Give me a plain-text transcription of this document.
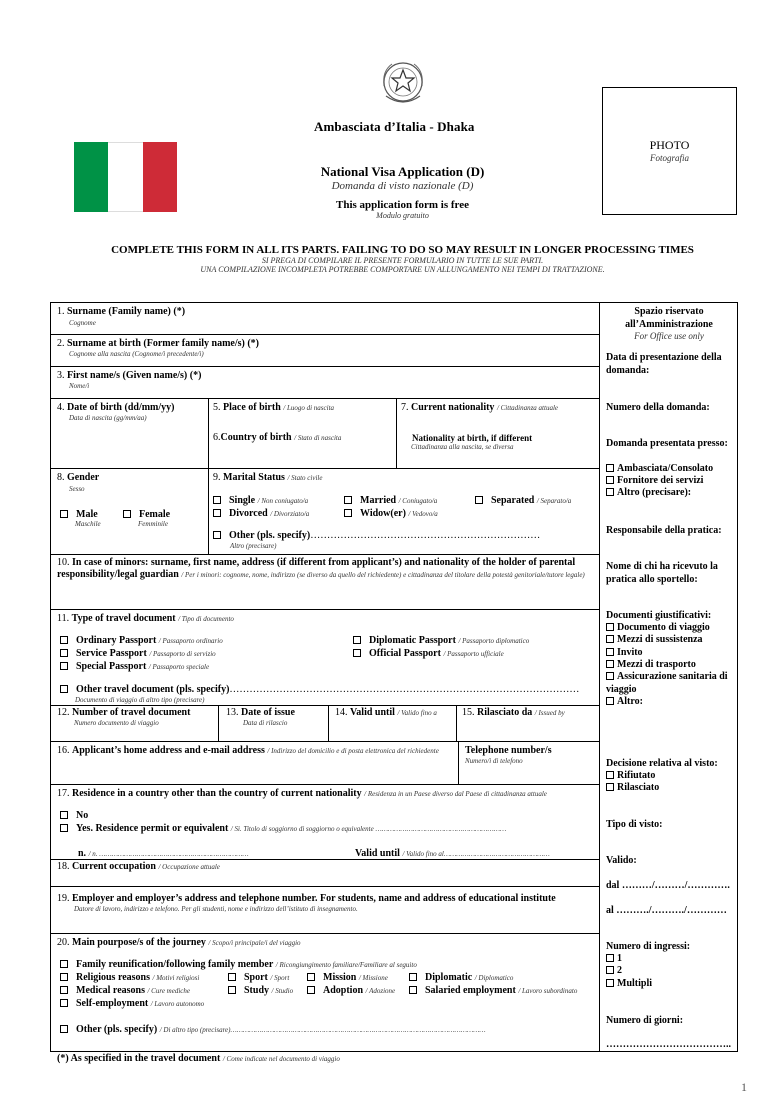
Ambasciata d’Italia - Dhaka
PHOTO
Fotografia
National Visa Application (D)
Domanda di visto nazionale (D)
This application form is free
Modulo gratuito
COMPLETE THIS FORM IN ALL ITS PARTS. FAILING TO DO SO MAY RESULT IN LONGER PROCESSING TIMES
SI PREGA DI COMPILARE IL PRESENTE FORMULARIO IN TUTTE LE SUE PARTI.
UNA COMPILAZIONE INCOMPLETA POTREBBE COMPORTARE UN ALLUNGAMENTO NEI TEMPI DI TRATTAZIONE.
1. Surname (Family name) (*)
Cognome
2. Surname at birth (Former family name/s) (*)
Cognome alla nascita (Cognome/i precedente/i)
3. First name/s (Given name/s) (*)
Nome/i
4. Date of birth (dd/mm/yy)
Data di nascita (gg/mm/aa)
5. Place of birth / Luogo di nascita
6.Country of birth / Stato di nascita
7. Current nationality / Cittadinanza attuale
Nationality at birth, if different
Cittadinanza alla nascita, se diversa
8. Gender
Sesso
Male
Maschile
Female
Femminile
9. Marital Status / Stato civile
Single / Non coniugato/a	Married / Coniugato/a	Separated / Separato/a
Divorced / Divorziato/a	Widow(er) / Vedovo/a
Other (pls. specify)……………………………………………………………
Altro (precisare)
10. In case of minors: surname, first name, address (if different from applicant’s) and nationality of the holder of parental responsibility/legal guardian / Per i minori: cognome, nome, indirizzo (se diverso da quello del richiedente) e cittadinanza del titolare della potestà genitoriale/tutore legale)
11. Type of travel document / Tipo di documento
Ordinary Passport / Passaporto ordinario
Service Passport / Passaporto di servizio
Special Passport / Passaporto speciale
Diplomatic Passport / Passaporto diplomatico
Official Passport / Passaporto ufficiale
Other travel document (pls. specify)……………………………………………………………………………………………
Documento di viaggio di altro tipo (precisare)
12. Number of travel document
Numero documento di viaggio
13. Date of issue
Data di rilascio
14. Valid until / Valido fino a	15. Rilasciato da / Issued by
16. Applicant’s home address and e-mail address / Indirizzo del domicilio e di posta elettronica del richiedente	Telephone number/s
Numero/i di telefono
17. Residence in a country other than the country of current nationality / Residenza in un Paese diverso dal Paese di cittadinanza attuale
No
Yes. Residence permit or equivalent / Sì. Titolo di soggiorno di soggiorno o equivalente ………………………………………………………
n. / n. ………………………………………………………………	Valid until / Valido fino al……………………………………………
18. Current occupation / Occupazione attuale
19. Employer and employer’s address and telephone number. For students, name and address of educational institute
Datore di lavoro, indirizzo e telefono. Per gli studenti, nome e indirizzo dell’istituto di insegnamento.
20. Main pourpose/s of the journey / Scopo/i principale/i del viaggio
Family reunification/following family member / Ricongiungimento familiare/Familiare al seguito
Religious reasons / Motivi religiosi	Sport / Sport	Mission / Missione	Diplomatic / Diplomatico
Medical reasons / Cure mediche	Study / Studio	Adoption / Adozione	Salaried employment / Lavoro subordinato
Self-employment / Lavoro autonomo
Other (pls. specify) / Di altro tipo (precisare)……………………………………………………………………………………………………………
Spazio riservato
all’Amministrazione
For Office use only
Data di presentazione della domanda:
Numero della domanda:
Domanda presentata presso:
Ambasciata/Consolato
Fornitore dei servizi
Altro (precisare):
Responsabile della pratica:
Nome di chi ha ricevuto la pratica allo sportello:
Documenti giustificativi:
Documento di viaggio
Mezzi di sussistenza
Invito
Mezzi di trasporto
Assicurazione sanitaria di viaggio
Altro:
Decisione relativa al visto:
Rifiutato
Rilasciato
Tipo di visto:
Valido:
dal ………/………/………….
al ………./………./…………
Numero di ingressi:
1
2
Multipli
Numero di giorni:
………………………………..
(*) As specified in the travel document / Come indicate nel documento di viaggio
1
